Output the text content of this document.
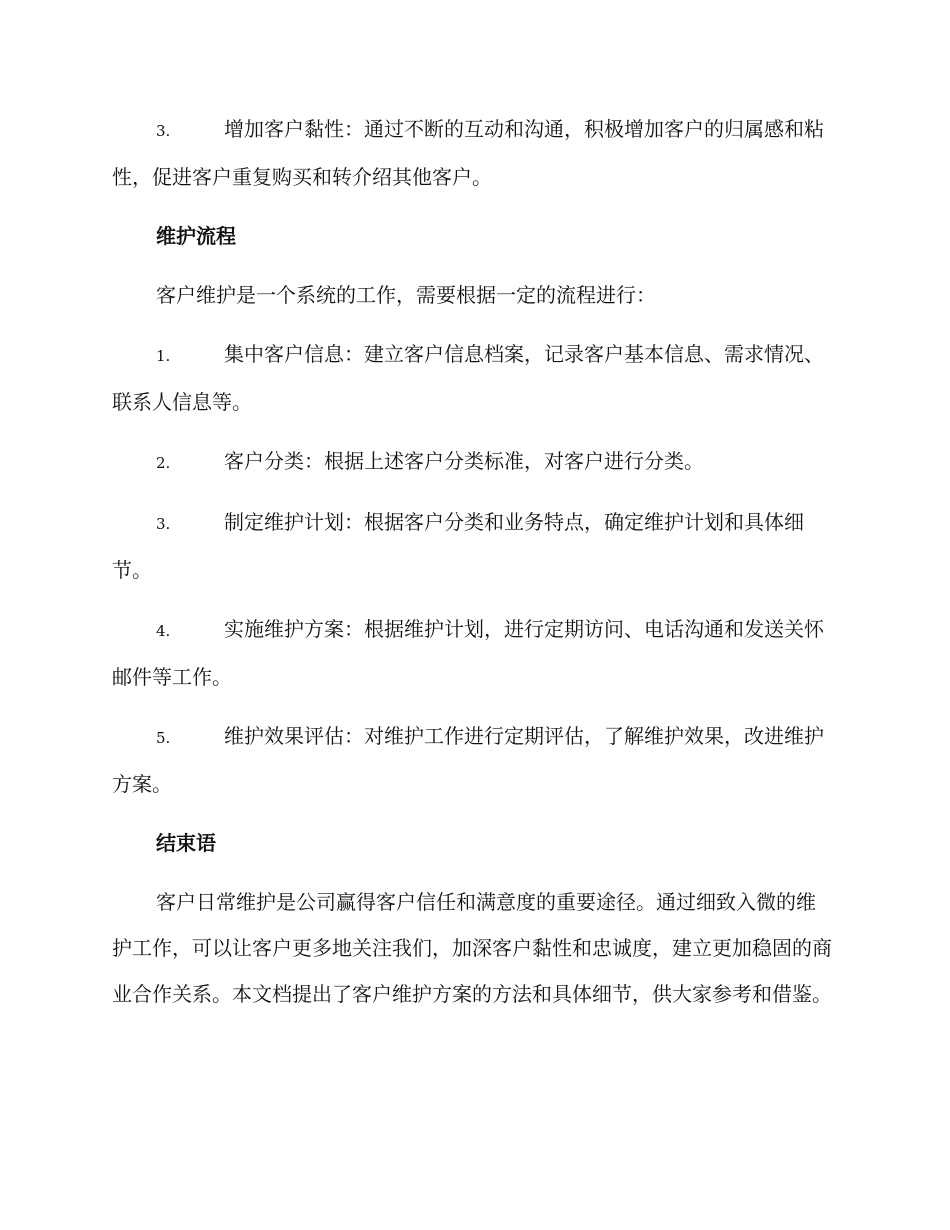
3.	增加客户黏性：通过不断的互动和沟通，积极增加客户的归属感和粘性，促进客户重复购买和转介绍其他客户。
维护流程
客户维护是一个系统的工作，需要根据一定的流程进行：
1.	集中客户信息：建立客户信息档案，记录客户基本信息、需求情况、联系人信息等。
2.	客户分类：根据上述客户分类标准，对客户进行分类。
3.	制定维护计划：根据客户分类和业务特点，确定维护计划和具体细节。
4.	实施维护方案：根据维护计划，进行定期访问、电话沟通和发送关怀邮件等工作。
5.	维护效果评估：对维护工作进行定期评估，了解维护效果，改进维护方案。
结束语
客户日常维护是公司赢得客户信任和满意度的重要途径。通过细致入微的维护工作，可以让客户更多地关注我们，加深客户黏性和忠诚度，建立更加稳固的商业合作关系。本文档提出了客户维护方案的方法和具体细节，供大家参考和借鉴。
